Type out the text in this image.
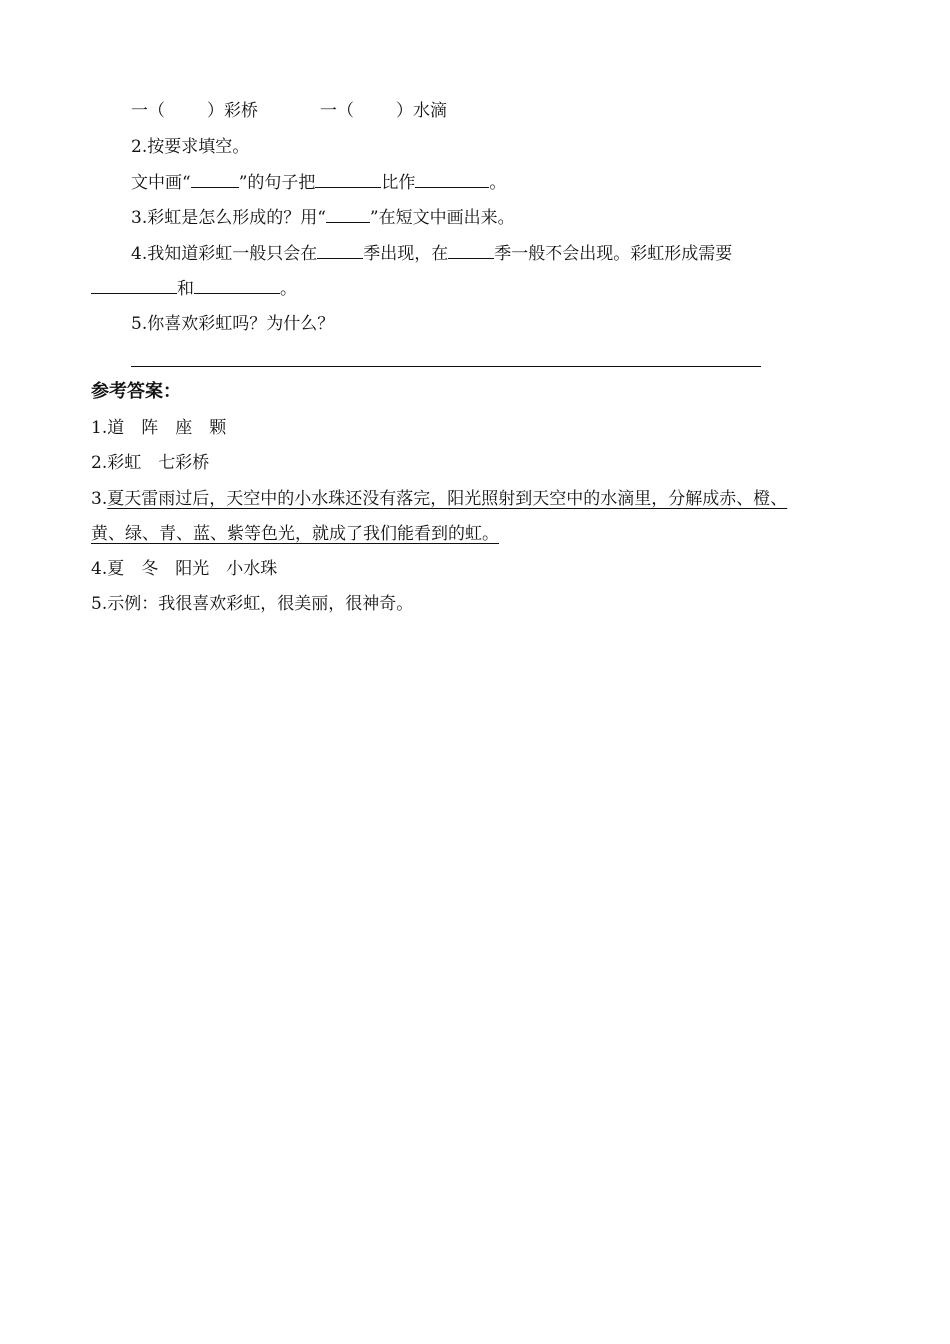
一（ ）彩桥	一（ ）水滴
2.按要求填空。
文中画“	”的句子把	比作	。
3.彩虹是怎么形成的？用“	”在短文中画出来。
4.我知道彩虹一般只会在	季出现，在	季一般不会出现。彩虹形成需要
和	。
5.你喜欢彩虹吗？为什么？
参考答案：
1.道　阵　座　颗
2.彩虹　七彩桥
3.夏天雷雨过后，天空中的小水珠还没有落完，阳光照射到天空中的水滴里，分解成赤、橙、
黄、绿、青、蓝、紫等色光，就成了我们能看到的虹。
4.夏　冬　阳光　小水珠
5.示例：我很喜欢彩虹，很美丽，很神奇。
